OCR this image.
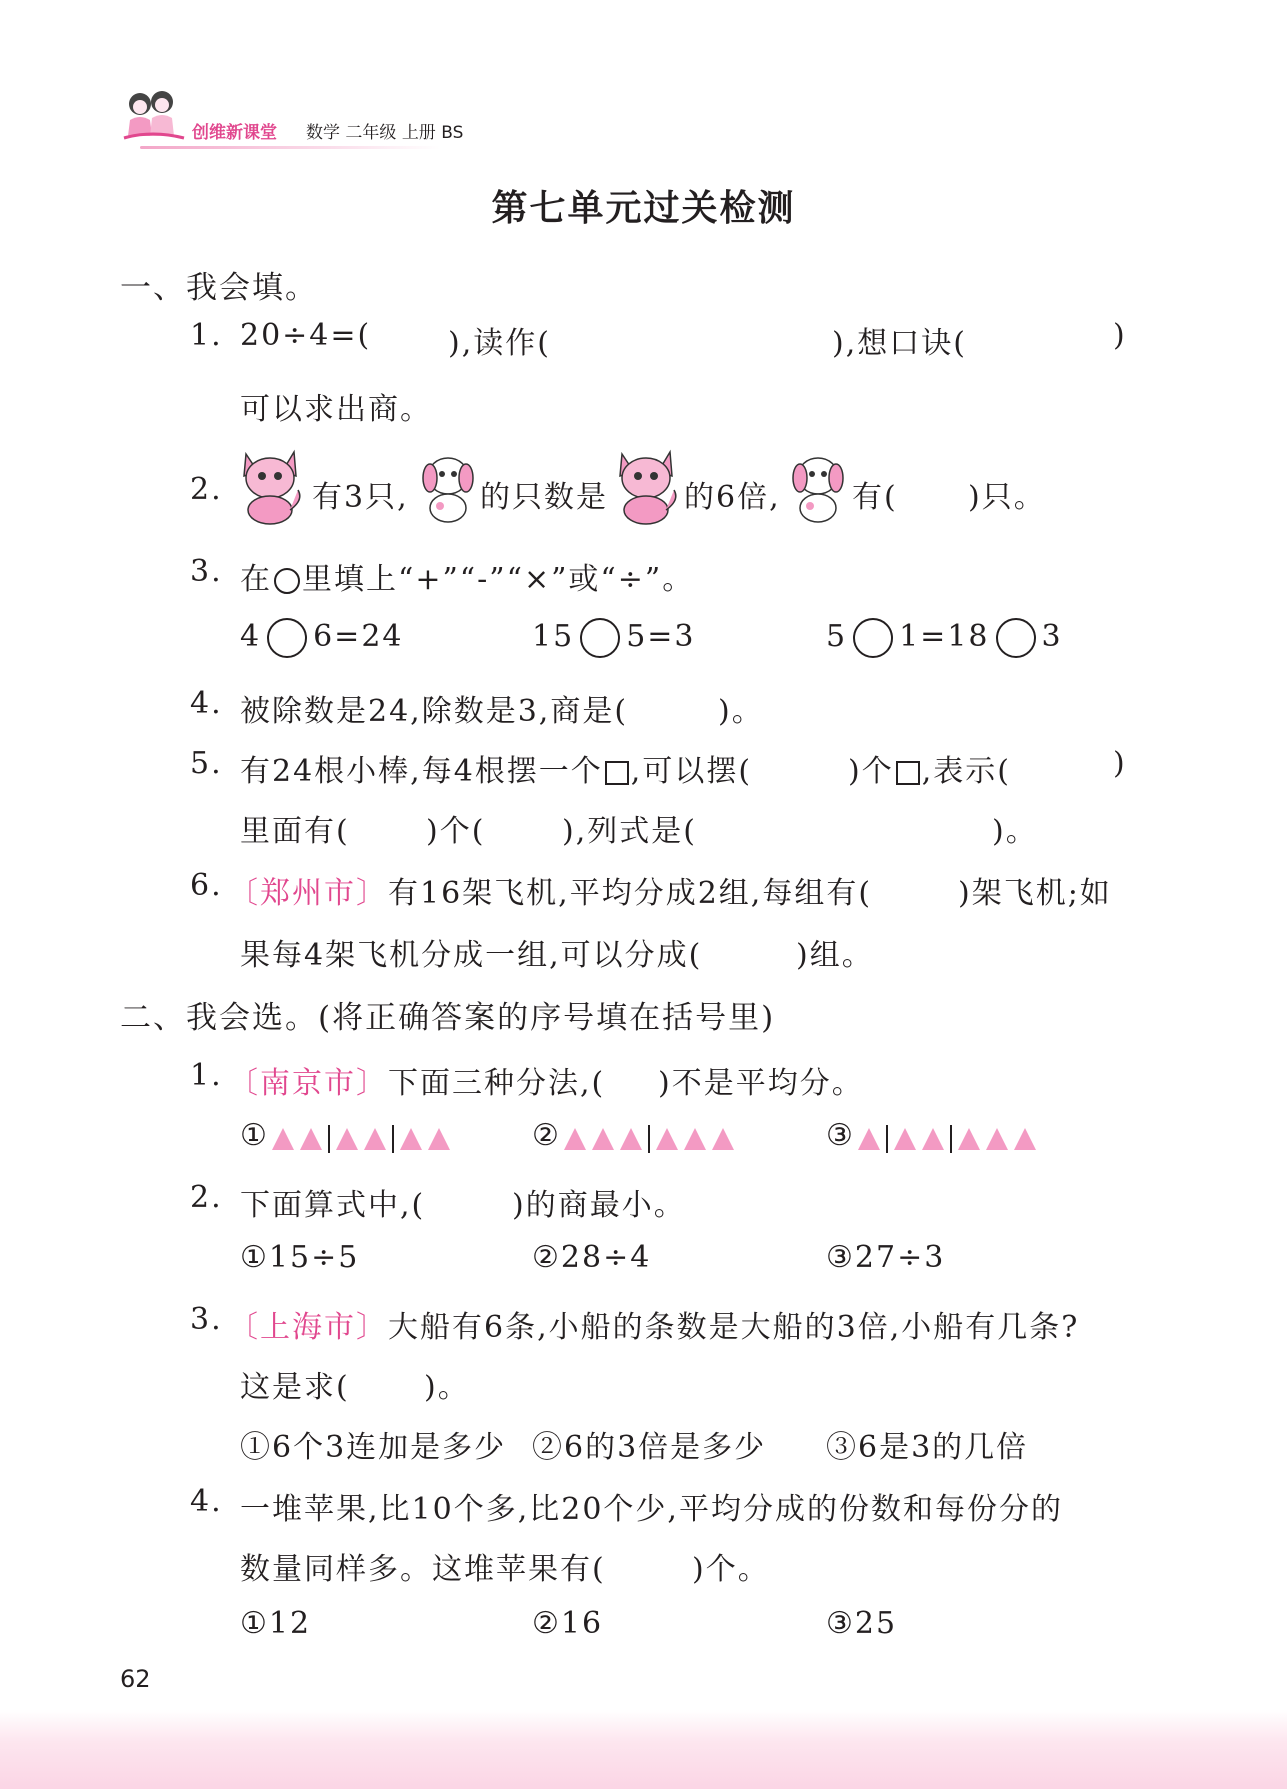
创维新课堂 数学 二年级 上册 BS
第七单元过关检测
一、我会填。
1. 20÷4=(	),读作(	),想口诀(	)
可以求出商。
2.	有3只, 的只数是	的6倍, 有( )只。
3. 在 里填上“+”“-”“×”或“÷”。
4 6=24	15 5=3	5 1=18 3
4. 被除数是24,除数是3,商是(	)。
5. 有24根小棒,每4根摆一个 ,可以摆(	)个 ,表示(	)
里面有(	)个(	),列式是(	)。
6. 〔郑州市〕有16架飞机,平均分成2组,每组有(	)架飞机;如
果每4架飞机分成一组,可以分成(	)组。
二、我会选。(将正确答案的序号填在括号里)
1. 〔南京市〕下面三种分法,( )不是平均分。
①	②	③
2. 下面算式中,(	)的商最小。
①15÷5	②28÷4	③27÷3
3. 〔上海市〕大船有6条,小船的条数是大船的3倍,小船有几条?
这是求( )。
①6个3连加是多少 ②6的3倍是多少 ③6是3的几倍
4. 一堆苹果,比10个多,比20个少,平均分成的份数和每份分的
数量同样多。这堆苹果有(	)个。
①12	②16	③25
62
